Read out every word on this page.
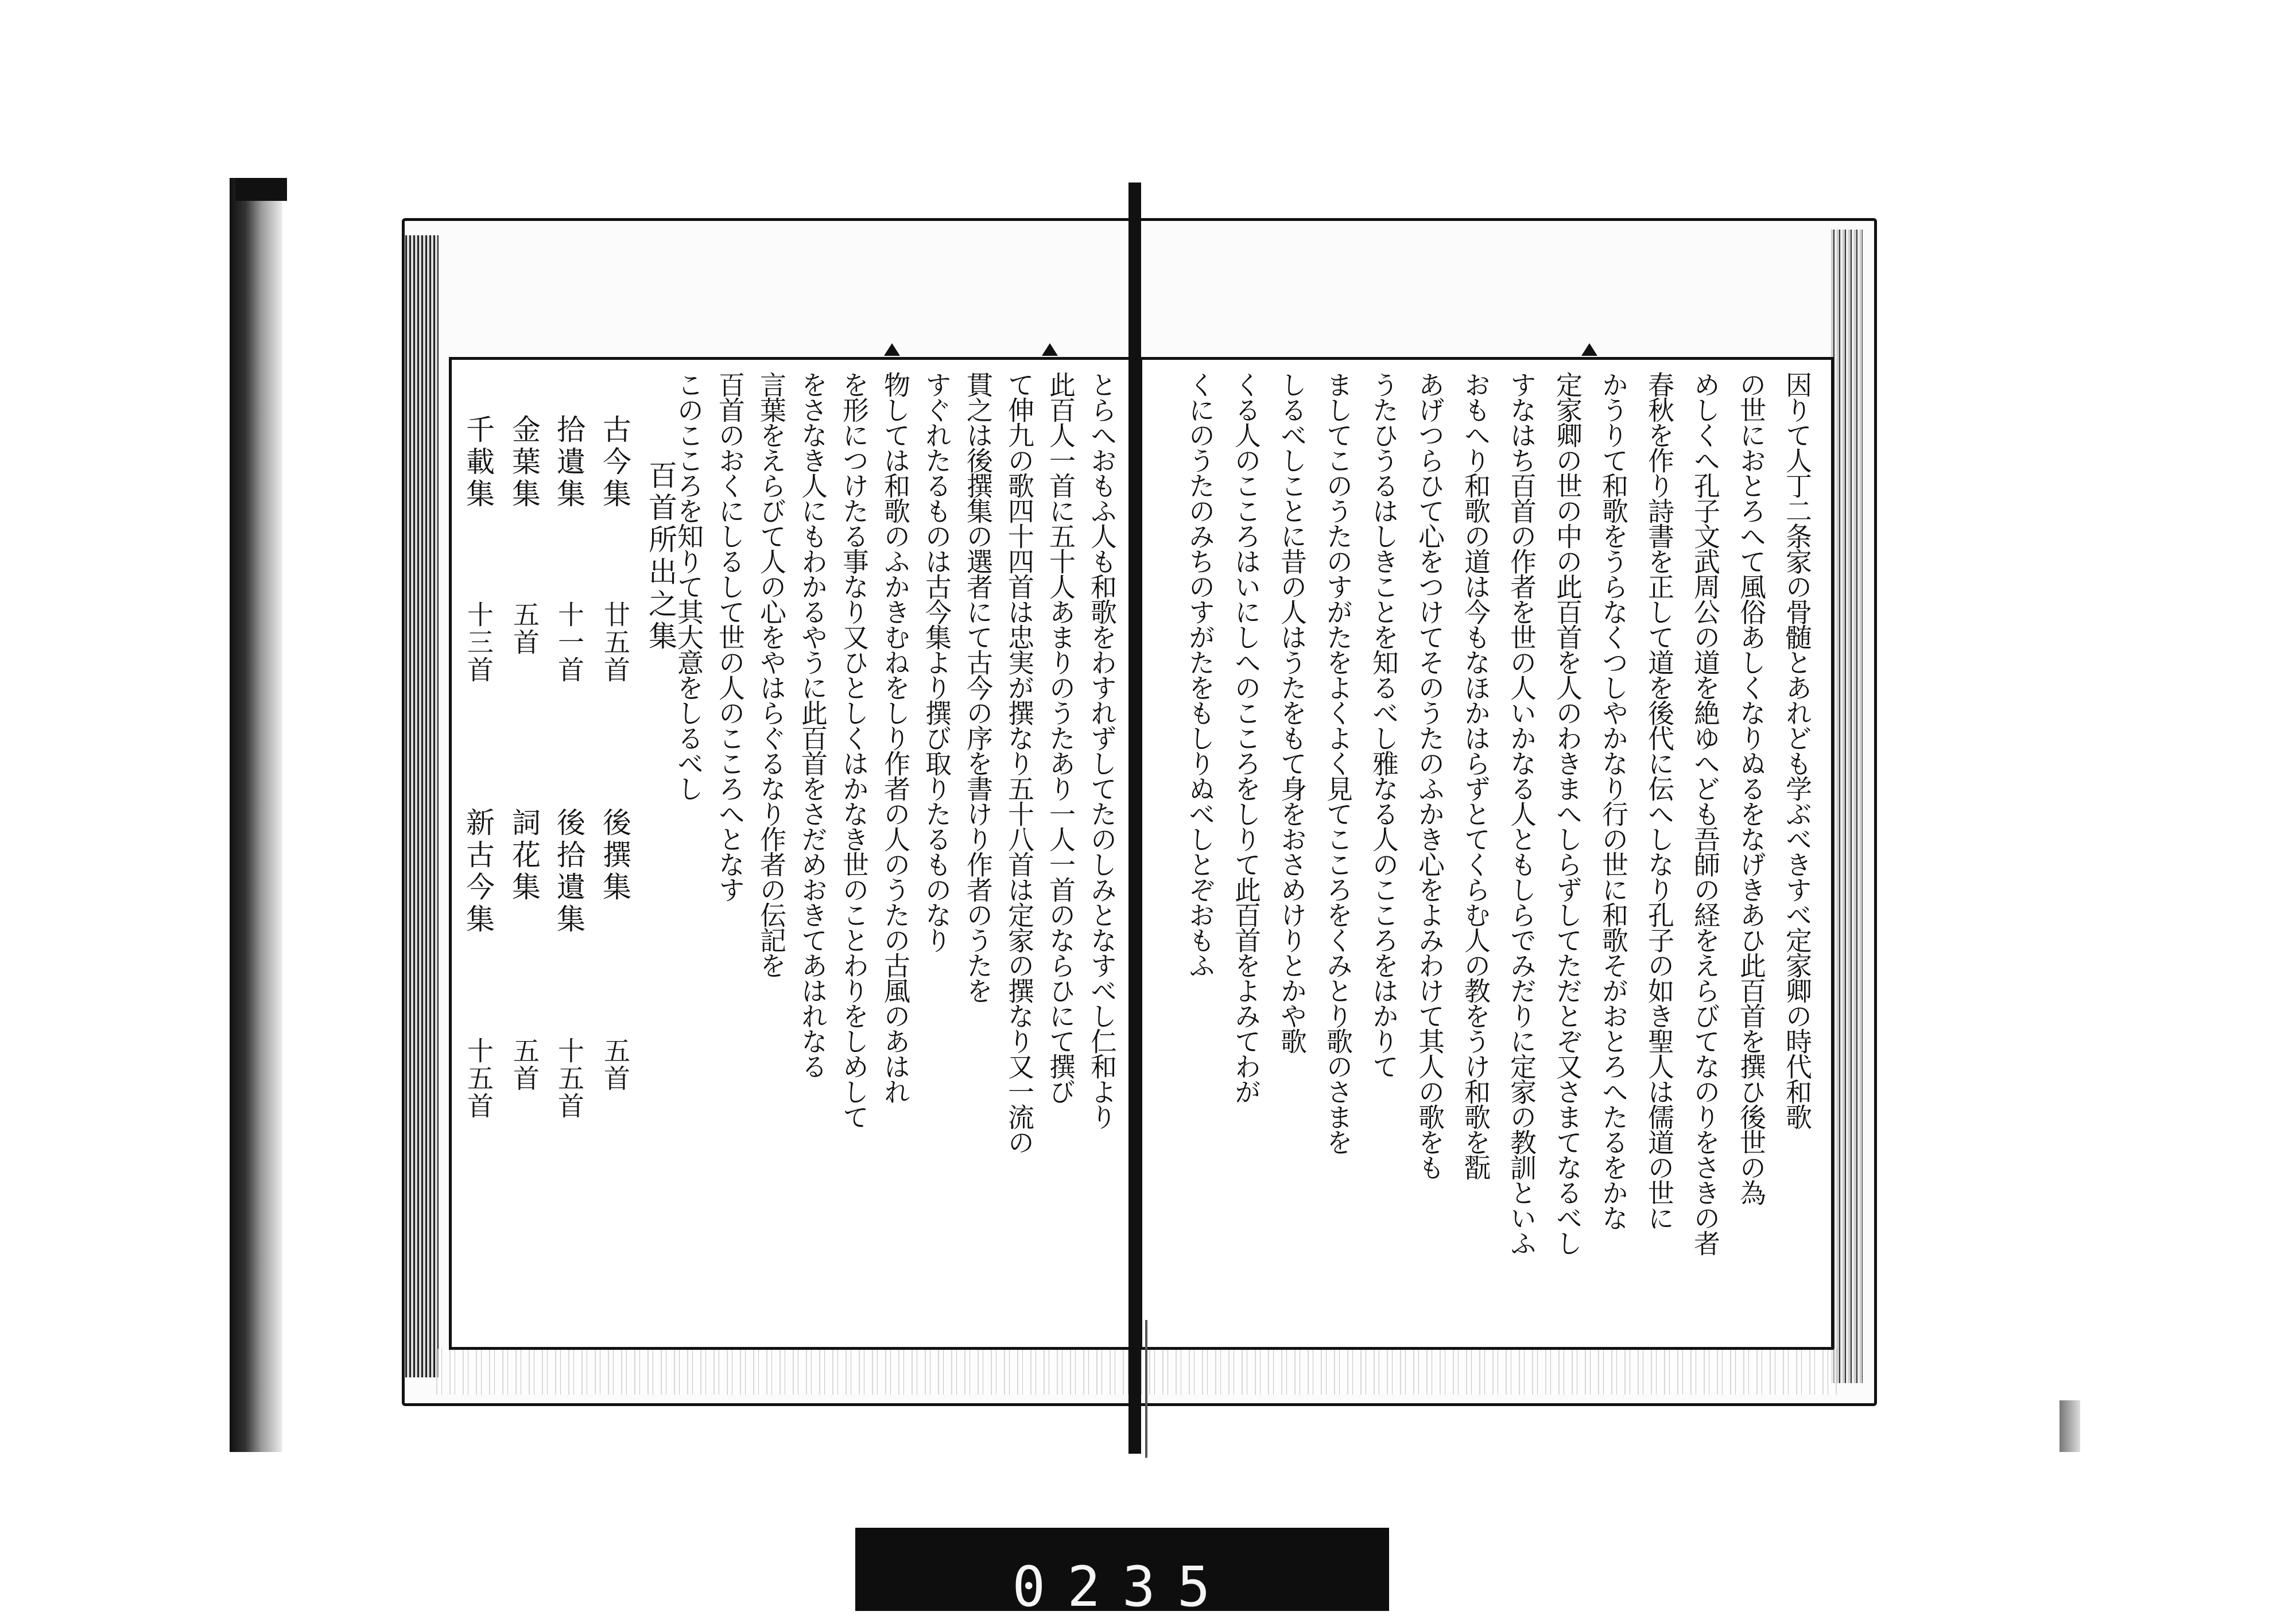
とらへおもふ人も和歌をわすれずしてたのしみとなすべし仁和より
此百人一首に五十人あまりのうたあり一人一首のならひにて撰び
て伸九の歌四十四首は忠実が撰なり五十八首は定家の撰なり又一流の
貫之は後撰集の選者にて古今の序を書けり作者のうたを
すぐれたるものは古今集より撰び取りたるものなり
物しては和歌のふかきむねをしり作者の人のうたの古風のあはれ
を形につけたる事なり又ひとしくはかなき世のことわりをしめして
をさなき人にもわかるやうに此百首をさだめおきてあはれなる
言葉をえらびて人の心をやはらぐるなり作者の伝記を
百首のおくにしるして世の人のこころへとなす
このこころを知りて其大意をしるべし
百首所出之集
古今集
廿五首
拾遺集
十一首
金葉集
五首
千載集
十三首
後撰集
五首
後拾遺集
十五首
詞花集
五首
新古今集
十五首	因りて人丁二条家の骨髄とあれども学ぶべきすべ定家卿の時代和歌
の世におとろへて風俗あしくなりぬるをなげきあひ此百首を撰ひ後世の為
めしくへ孔子文武周公の道を絶ゆへども吾師の経をえらびてなのりをさきの者
春秋を作り詩書を正して道を後代に伝へしなり孔子の如き聖人は儒道の世に
かうりて和歌をうらなくつしやかなり行の世に和歌そがおとろへたるをかな
定家卿の世の中の此百首を人のわきまへしらずしてただとぞ又さまてなるべし
すなはち百首の作者を世の人いかなる人ともしらでみだりに定家の教訓といふ
おもへり和歌の道は今もなほかはらずとてくらむ人の教をうけ和歌を翫
あげつらひて心をつけてそのうたのふかき心をよみわけて其人の歌をも
うたひうるはしきことを知るべし雅なる人のこころをはかりて
ましてこのうたのすがたをよくよく見てこころをくみとり歌のさまを
しるべしことに昔の人はうたをもて身をおさめけりとかや歌
くる人のこころはいにしへのこころをしりて此百首をよみてわが
くにのうたのみちのすがたをもしりぬべしとぞおもふ
0235
